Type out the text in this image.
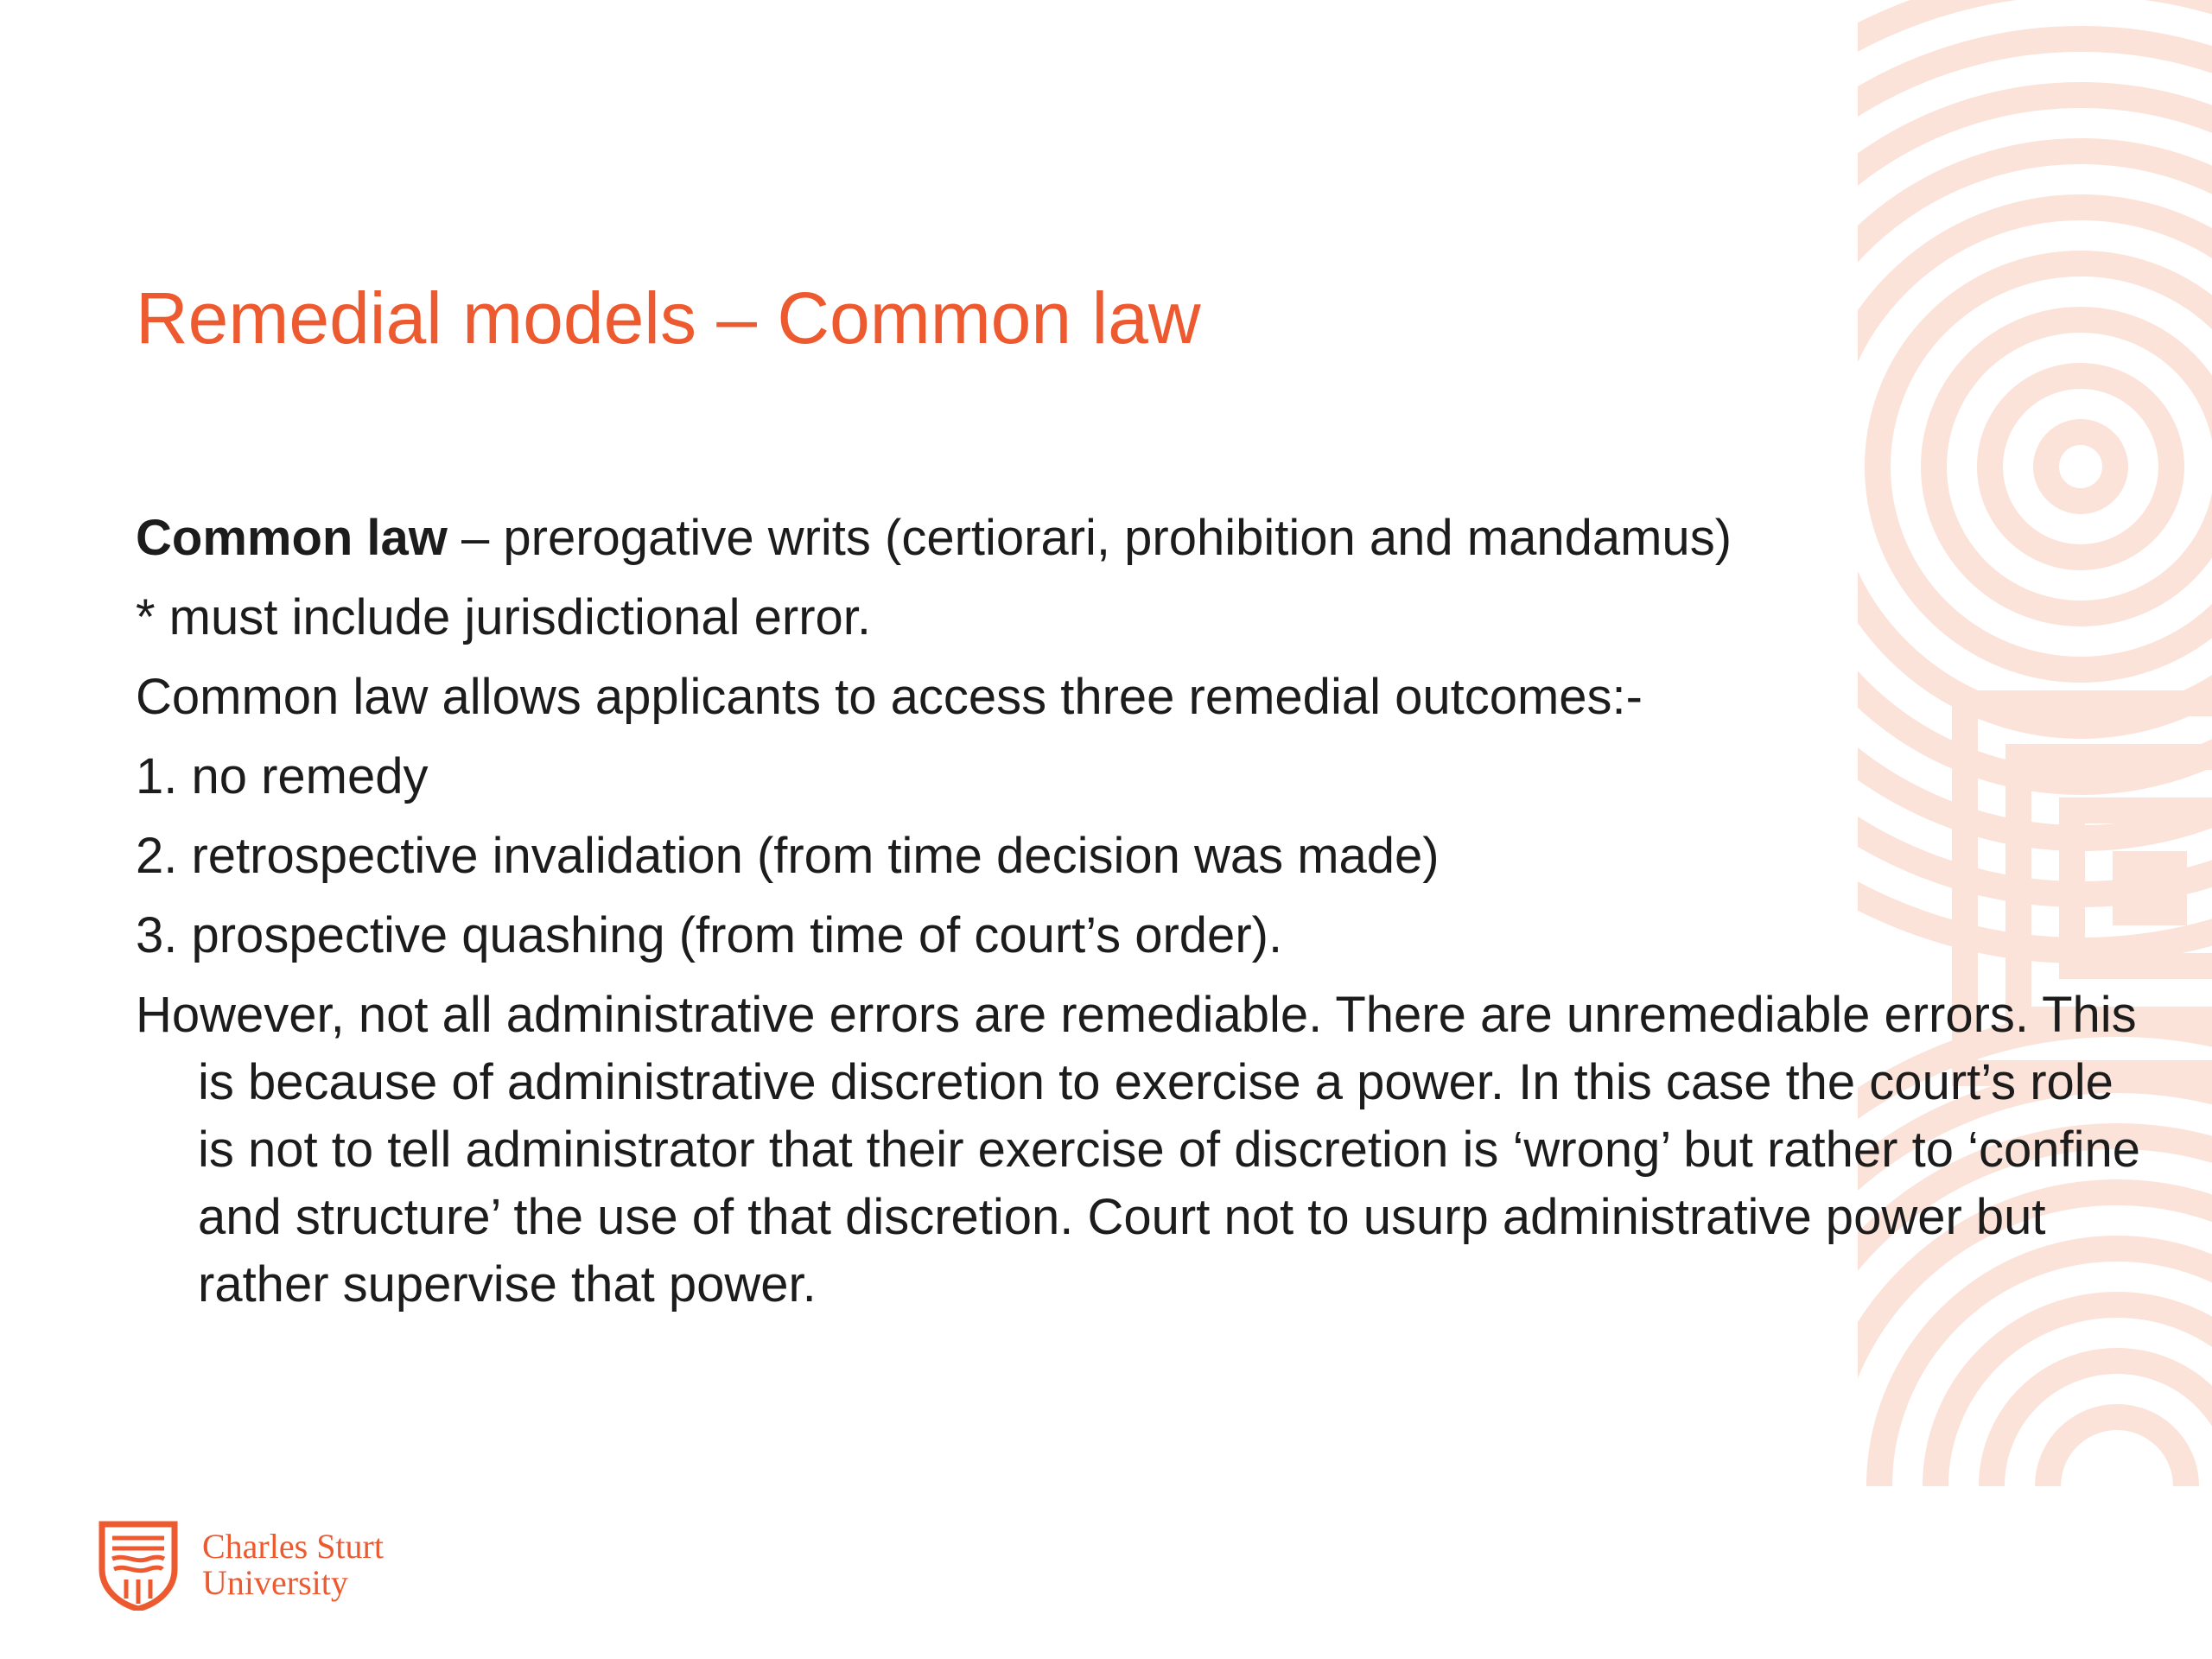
Remedial models – Common law

Common law – prerogative writs (certiorari, prohibition and mandamus)

* must include jurisdictional error.

Common law allows applicants to access three remedial outcomes:-

1. no remedy

2. retrospective invalidation (from time decision was made)

3. prospective quashing (from time of court’s order).

However, not all administrative errors are remediable. There are unremediable errors. This is because of administrative discretion to exercise a power. In this case the court’s role is not to tell administrator that their exercise of discretion is ‘wrong’ but rather to ‘confine and structure’ the use of that discretion. Court not to usurp administrative power but rather supervise that power.

Charles Sturt
University
